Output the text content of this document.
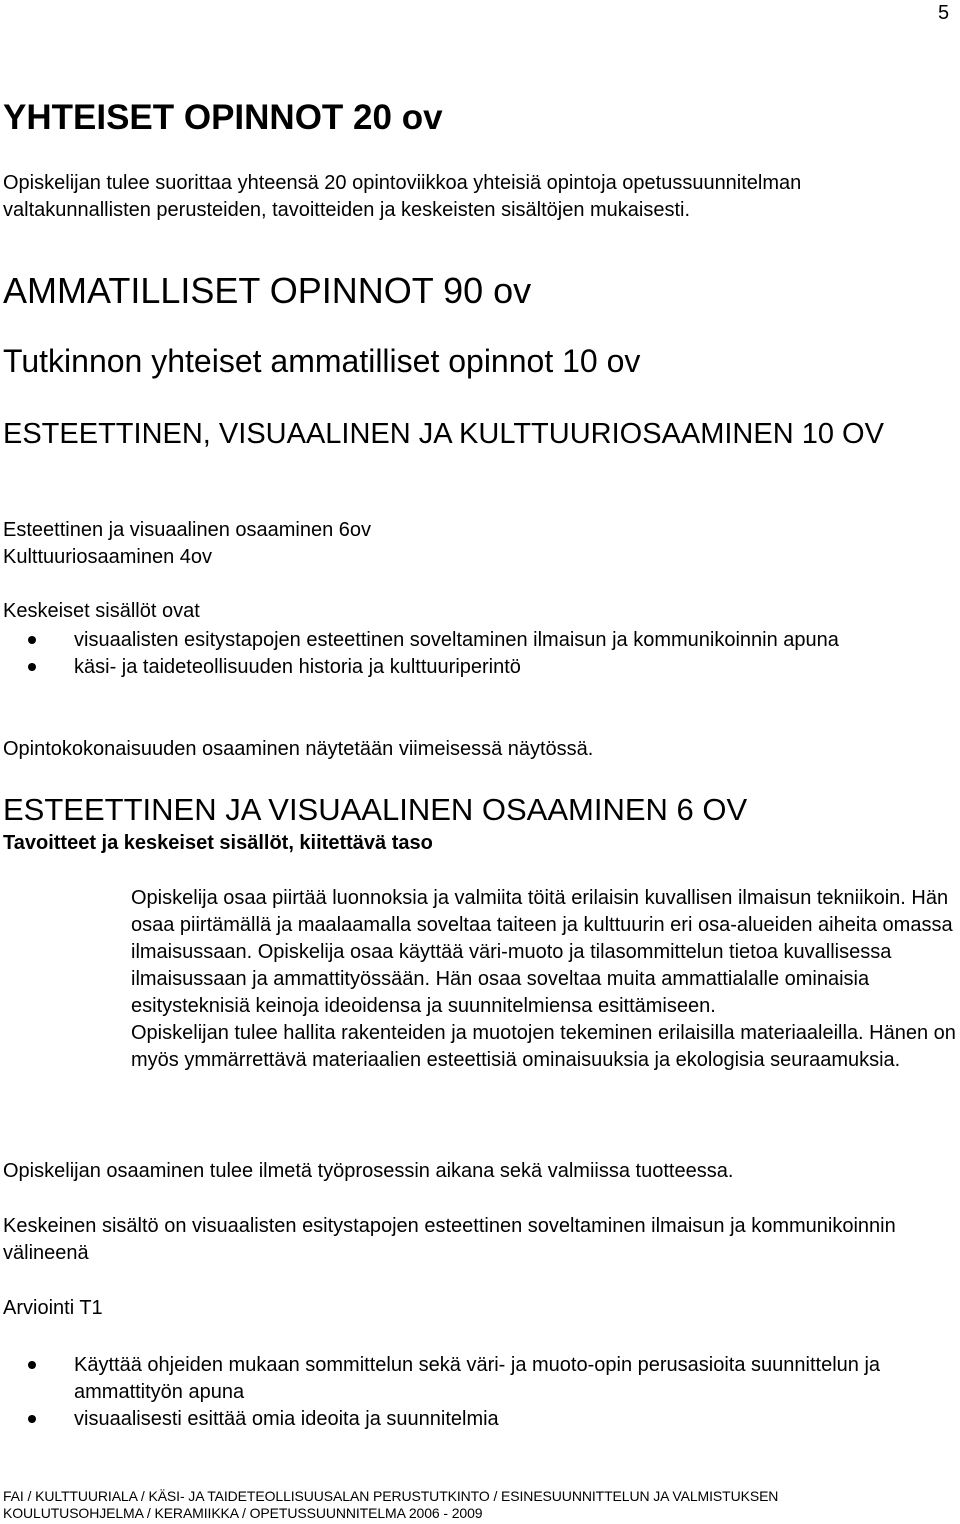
5
YHTEISET OPINNOT 20 ov
Opiskelijan tulee suorittaa yhteensä 20 opintoviikkoa yhteisiä opintoja opetussuunnitelman
valtakunnallisten perusteiden, tavoitteiden ja keskeisten sisältöjen mukaisesti.
AMMATILLISET OPINNOT 90 ov
Tutkinnon yhteiset ammatilliset opinnot 10 ov
ESTEETTINEN, VISUAALINEN JA KULTTUURIOSAAMINEN 10 OV
Esteettinen ja visuaalinen osaaminen 6ov
Kulttuuriosaaminen 4ov
Keskeiset sisällöt ovat
visuaalisten esitystapojen esteettinen soveltaminen ilmaisun ja kommunikoinnin apuna
käsi- ja taideteollisuuden historia ja kulttuuriperintö
Opintokokonaisuuden osaaminen näytetään viimeisessä näytössä.
ESTEETTINEN JA VISUAALINEN OSAAMINEN 6 OV
Tavoitteet ja keskeiset sisällöt, kiitettävä taso

Opiskelija osaa piirtää luonnoksia ja valmiita töitä erilaisin kuvallisen ilmaisun tekniikoin. Hän osaa piirtämällä ja maalaamalla soveltaa taiteen ja kulttuurin eri osa-alueiden aiheita omassa ilmaisussaan. Opiskelija osaa käyttää väri-muoto ja tilasommittelun tietoa kuvallisessa ilmaisussaan ja ammattityössään. Hän osaa soveltaa muita ammattialalle ominaisia esitysteknisiä keinoja ideoidensa ja suunnitelmiensa esittämiseen.

Opiskelijan tulee hallita rakenteiden ja muotojen tekeminen erilaisilla materiaaleilla. Hänen on myös ymmärrettävä materiaalien esteettisiä ominaisuuksia ja ekologisia seuraamuksia.

Opiskelijan osaaminen tulee ilmetä työprosessin aikana sekä valmiissa tuotteessa.
Keskeinen sisältö on visuaalisten esitystapojen esteettinen soveltaminen ilmaisun ja kommunikoinnin välineenä
Arviointi T1
Käyttää ohjeiden mukaan sommittelun sekä väri- ja muoto-opin perusasioita suunnittelun ja ammattityön apuna
visuaalisesti esittää omia ideoita ja suunnitelmia
FAI / KULTTUURIALA / KÄSI- JA TAIDETEOLLISUUSALAN PERUSTUTKINTO / ESINESUUNNITTELUN JA VALMISTUKSEN
KOULUTUSOHJELMA / KERAMIIKKA / OPETUSSUUNNITELMA 2006 - 2009
